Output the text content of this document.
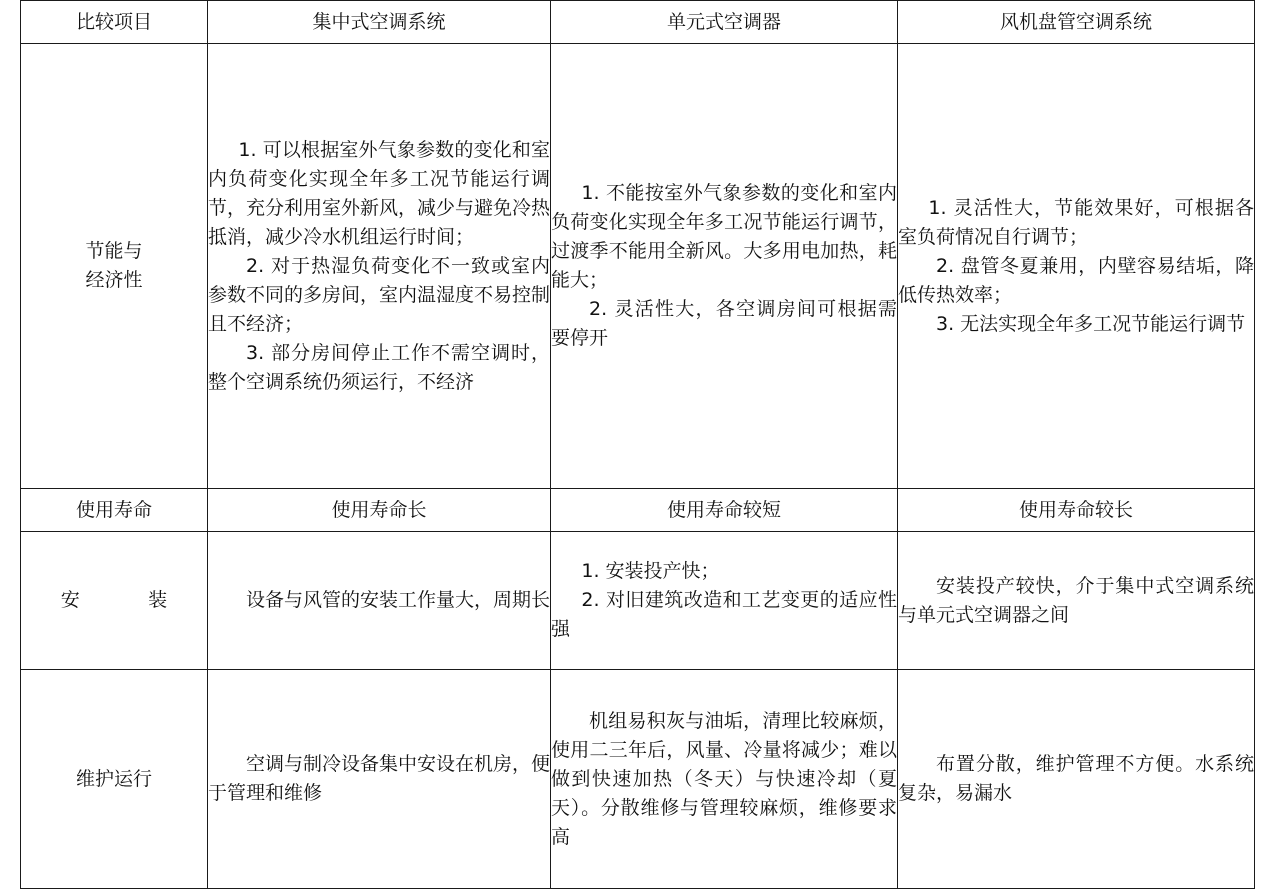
比较项目	集中式空调系统	单元式空调器	风机盘管空调系统

节能与
经济性	1. 可以根据室外气象参数的变化和室内负荷变化实现全年多工况节能运行调节，充分利用室外新风，减少与避免冷热抵消，减少冷水机组运行时间；
2. 对于热湿负荷变化不一致或室内参数不同的多房间，室内温湿度不易控制且不经济；
3. 部分房间停止工作不需空调时，整个空调系统仍须运行，不经济	1. 不能按室外气象参数的变化和室内负荷变化实现全年多工况节能运行调节，过渡季不能用全新风。大多用电加热，耗能大；
2. 灵活性大，各空调房间可根据需要停开	1. 灵活性大，节能效果好，可根据各室负荷情况自行调节；
2. 盘管冬夏兼用，内壁容易结垢，降低传热效率；
3. 无法实现全年多工况节能运行调节

使用寿命	使用寿命长	使用寿命较短	使用寿命较长
安装	设备与风管的安装工作量大，周期长	1. 安装投产快；
2. 对旧建筑改造和工艺变更的适应性强	安装投产较快，介于集中式空调系统与单元式空调器之间

维护运行	空调与制冷设备集中安设在机房，便于管理和维修	机组易积灰与油垢，清理比较麻烦，使用二三年后，风量、冷量将减少；难以做到快速加热（冬天）与快速冷却（夏天）。分散维修与管理较麻烦，维修要求高	布置分散，维护管理不方便。水系统复杂，易漏水
